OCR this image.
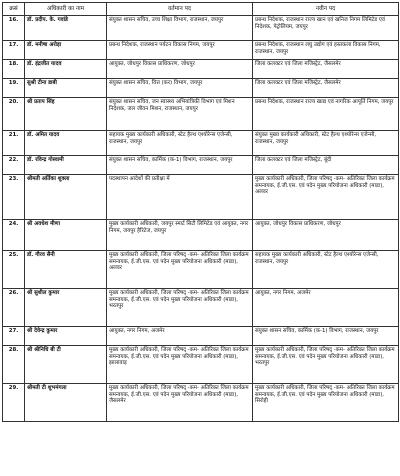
क्रसं	अधिकारी का नाम	वर्तमान पद	नवीन पद
16.	डॉ. प्रदीप. के. गवांडे	संयुक्त शासन सचिव, उच्च शिक्षा विभाग, राजस्थान, जयपुर	प्रबन्ध निदेशक, राजस्थान राज्य खान एवं खनिज निगम लिमिटेड एवं निदेशक, पेट्रोलियम, जयपुर
17.	डॉ. मनीषा अरोड़ा	प्रबन्ध निदेशक, राजस्थान पर्यटन विकास निगम, जयपुर	प्रबन्ध निदेशक, राजस्थान लघु उद्योग एवं हस्तकला विकास निगम, राजस्थान, जयपुर
18.	डॉ. इंद्रजीत यादव	आयुक्त, जोधपुर विकास प्राधिकरण, जोधपुर	जिला कलक्टर एवं जिला मजिस्ट्रेट, जैसलमेर
19.	सुश्री टीना डाबी	संयुक्त शासन सचिव, वित्त (कर) विभाग, जयपुर	जिला कलक्टर एवं जिला मजिस्ट्रेट, जैसलमेर
20.	श्री प्रताप सिंह	संयुक्त शासन सचिव, जन स्वास्थ्य अभियांत्रिकी विभाग एवं मिशन निदेशक, जल जीवन मिशन, राजस्थान, जयपुर	प्रबन्ध निदेशक, राजस्थान राज्य खाद्य एवं नागरिक आपूर्ति निगम, जयपुर
21.	डॉ. अमित यादव	सहायक मुख्य कार्यकारी अधिकारी, स्टेट हैल्थ एश्योरेन्स एजेन्सी, राजस्थान, जयपुर	संयुक्त मुख्य कार्यकारी अधिकारी, स्टेट हैल्थ एश्योरेन्स एजेन्सी, राजस्थान, जयपुर
22.	डॉ. रविन्द्र गोस्वामी	संयुक्त शासन सचिव, कार्मिक (क-1) विभाग, राजस्थान, जयपुर	जिला कलक्टर एवं जिला मजिस्ट्रेट, बूंदी
23.	श्रीमती अर्तिका शुक्ला	पदस्थापन आदेशों की प्रतीक्षा में	मुख्य कार्यकारी अधिकारी, जिला परिषद् -कम- अतिरिक्त जिला कार्यक्रम समन्वयक, ई.जी.एस. एवं पदेन मुख्य परियोजना अधिकारी (माडा), अलवर
24.	श्री अवधेश मीणा	मुख्य कार्यकारी अधिकारी, जयपुर स्मार्ट सिटी लिमिटेड एवं आयुक्त, नगर निगम, जयपुर हैरिटेज, जयपुर	आयुक्त, जोधपुर विकास प्राधिकरण, जोधपुर
25.	डॉ. गौरव सैनी	मुख्य कार्यकारी अधिकारी, जिला परिषद् -कम- अतिरिक्त जिला कार्यक्रम समन्वयक, ई.जी.एस. एवं पदेन मुख्य परियोजना अधिकारी (माडा), अलवर	सहायक मुख्य कार्यकारी अधिकारी, स्टेट हैल्थ एश्योरेन्स एजेन्सी, राजस्थान, जयपुर
26.	श्री सुशील कुमार	मुख्य कार्यकारी अधिकारी, जिला परिषद् -कम- अतिरिक्त जिला कार्यक्रम समन्वयक, ई.जी.एस. एवं पदेन मुख्य परियोजना अधिकारी (माडा), भरतपुर	आयुक्त, नगर निगम, अजमेर
27.	श्री देवेन्द्र कुमार	आयुक्त, नगर निगम, अजमेर	संयुक्त शासन सचिव, कार्मिक (क-1) विभाग, राजस्थान, जयपुर
28.	श्री श्रीनिधि बी टी	मुख्य कार्यकारी अधिकारी, जिला परिषद् -कम- अतिरिक्त जिला कार्यक्रम समन्वयक, ई.जी.एस. एवं पदेन मुख्य परियोजना अधिकारी (माडा), झालावाड़	मुख्य कार्यकारी अधिकारी, जिला परिषद् -कम- अतिरिक्त जिला कार्यक्रम समन्वयक, ई.जी.एस. एवं पदेन मुख्य परियोजना अधिकारी (माडा), भरतपुर
29.	श्रीमती टी शुभमंगला	मुख्य कार्यकारी अधिकारी, जिला परिषद् -कम- अतिरिक्त जिला कार्यक्रम समन्वयक, ई.जी.एस. एवं पदेन मुख्य परियोजना अधिकारी (माडा), जैसलमेर	मुख्य कार्यकारी अधिकारी, जिला परिषद् -कम- अतिरिक्त जिला कार्यक्रम समन्वयक, ई.जी.एस. एवं पदेन मुख्य परियोजना अधिकारी (माडा), सिरोही
